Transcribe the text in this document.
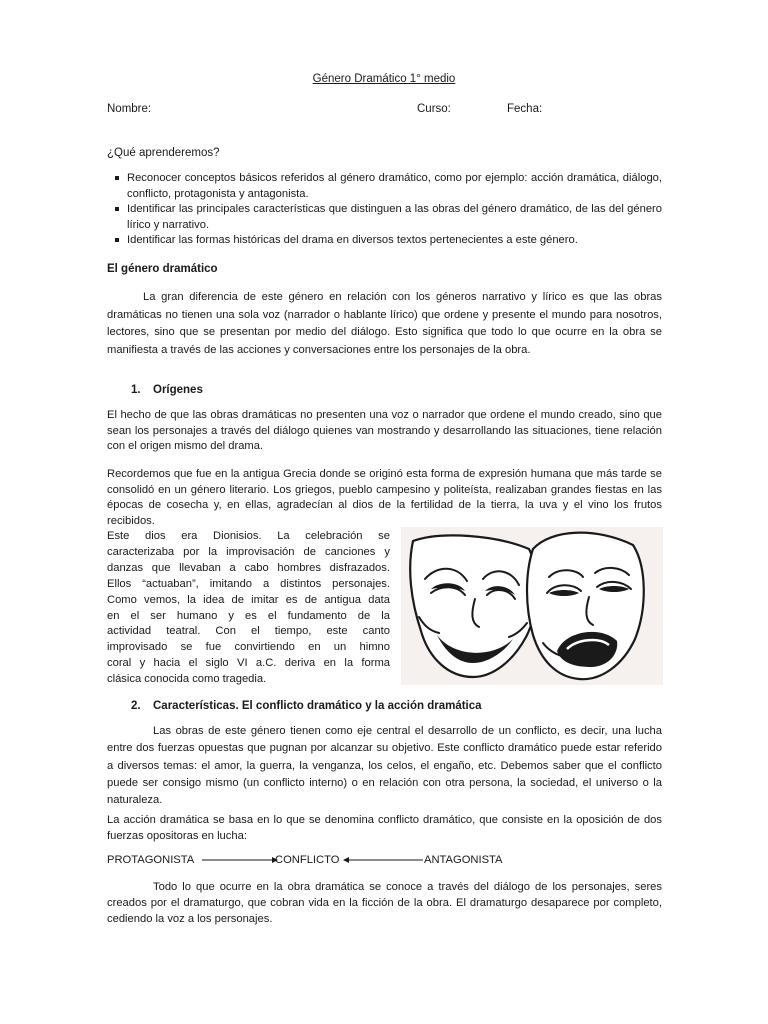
Género Dramático 1° medio
Nombre:	Curso:	Fecha:
¿Qué aprenderemos?
Reconocer conceptos básicos referidos al género dramático, como por ejemplo: acción dramática, diálogo, conflicto, protagonista y antagonista.
Identificar las principales características que distinguen a las obras del género dramático, de las del género lírico y narrativo.
Identificar las formas históricas del drama en diversos textos pertenecientes a este género.
El género dramático

La gran diferencia de este género en relación con los géneros narrativo y lírico es que las obras dramáticas no tienen una sola voz (narrador o hablante lírico) que ordene y presente el mundo para nosotros, lectores, sino que se presentan por medio del diálogo. Esto significa que todo lo que ocurre en la obra se manifiesta a través de las acciones y conversaciones entre los personajes de la obra.

1. Orígenes

El hecho de que las obras dramáticas no presenten una voz o narrador que ordene el mundo creado, sino que sean los personajes a través del diálogo quienes van mostrando y desarrollando las situaciones, tiene relación con el origen mismo del drama.

Recordemos que fue en la antigua Grecia donde se originó esta forma de expresión humana que más tarde se consolidó en un género literario. Los griegos, pueblo campesino y politeísta, realizaban grandes fiestas en las épocas de cosecha y, en ellas, agradecían al dios de la fertilidad de la tierra, la uva y el vino los frutos recibidos.

Este dios era Dionisios. La celebración se
caracterizaba por la improvisación de canciones y
danzas que llevaban a cabo hombres disfrazados.
Ellos “actuaban”, imitando a distintos personajes.
Como vemos, la idea de imitar es de antigua data
en el ser humano y es el fundamento de la
actividad teatral. Con el tiempo, este canto
improvisado se fue convirtiendo en un himno
coral y hacia el siglo VI a.C. deriva en la forma
clásica conocida como tragedia.
2. Características. El conflicto dramático y la acción dramática

Las obras de este género tienen como eje central el desarrollo de un conflicto, es decir, una lucha entre dos fuerzas opuestas que pugnan por alcanzar su objetivo. Este conflicto dramático puede estar referido a diversos temas: el amor, la guerra, la venganza, los celos, el engaño, etc. Debemos saber que el conflicto puede ser consigo mismo (un conflicto interno) o en relación con otra persona, la sociedad, el universo o la naturaleza.

La acción dramática se basa en lo que se denomina conflicto dramático, que consiste en la oposición de dos fuerzas opositoras en lucha:

PROTAGONISTA	CONFLICTO	ANTAGONISTA

Todo lo que ocurre en la obra dramática se conoce a través del diálogo de los personajes, seres creados por el dramaturgo, que cobran vida en la ficción de la obra. El dramaturgo desaparece por completo, cediendo la voz a los personajes.
